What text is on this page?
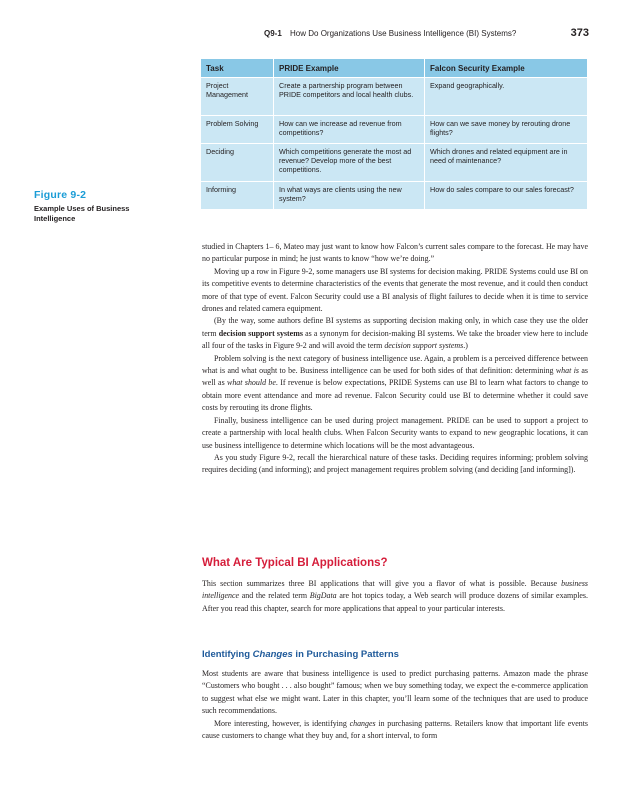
Q9-1 How Do Organizations Use Business Intelligence (BI) Systems?	373
Task	PRIDE Example	Falcon Security Example
Project Management	Create a partnership program between PRIDE competitors and local health clubs.	Expand geographically.
Problem Solving	How can we increase ad revenue from competitions?	How can we save money by rerouting drone flights?
Deciding	Which competitions generate the most ad revenue? Develop more of the best competitions.	Which drones and related equipment are in need of maintenance?
Informing	In what ways are clients using the new system?	How do sales compare to our sales forecast?
Figure 9-2
Example Uses of Business Intelligence

studied in Chapters 1– 6, Mateo may just want to know how Falcon’s current sales compare to the forecast. He may have no particular purpose in mind; he just wants to know “how we’re doing.”

Moving up a row in Figure 9-2, some managers use BI systems for decision making. PRIDE Systems could use BI on its competitive events to determine characteristics of the events that generate the most revenue, and it could then conduct more of that type of event. Falcon Security could use a BI analysis of flight failures to decide when it is time to service drones and related camera equipment.

(By the way, some authors define BI systems as supporting decision making only, in which case they use the older term decision support systems as a synonym for decision-making BI systems. We take the broader view here to include all four of the tasks in Figure 9-2 and will avoid the term decision support systems.)

Problem solving is the next category of business intelligence use. Again, a problem is a perceived difference between what is and what ought to be. Business intelligence can be used for both sides of that definition: determining what is as well as what should be. If revenue is below expectations, PRIDE Systems can use BI to learn what factors to change to obtain more event attendance and more ad revenue. Falcon Security could use BI to determine whether it could save costs by rerouting its drone flights.

Finally, business intelligence can be used during project management. PRIDE can be used to support a project to create a partnership with local health clubs. When Falcon Security wants to expand to new geographic locations, it can use business intelligence to determine which locations will be the most advantageous.

As you study Figure 9-2, recall the hierarchical nature of these tasks. Deciding requires informing; problem solving requires deciding (and informing); and project management requires problem solving (and deciding [and informing]).

What Are Typical BI Applications?

This section summarizes three BI applications that will give you a flavor of what is possible. Because business intelligence and the related term BigData are hot topics today, a Web search will produce dozens of similar examples. After you read this chapter, search for more applications that appeal to your particular interests.

Identifying Changes in Purchasing Patterns

Most students are aware that business intelligence is used to predict purchasing patterns. Amazon made the phrase “Customers who bought . . . also bought” famous; when we buy something today, we expect the e-commerce application to suggest what else we might want. Later in this chapter, you’ll learn some of the techniques that are used to produce such recommendations.

More interesting, however, is identifying changes in purchasing patterns. Retailers know that important life events cause customers to change what they buy and, for a short interval, to form
